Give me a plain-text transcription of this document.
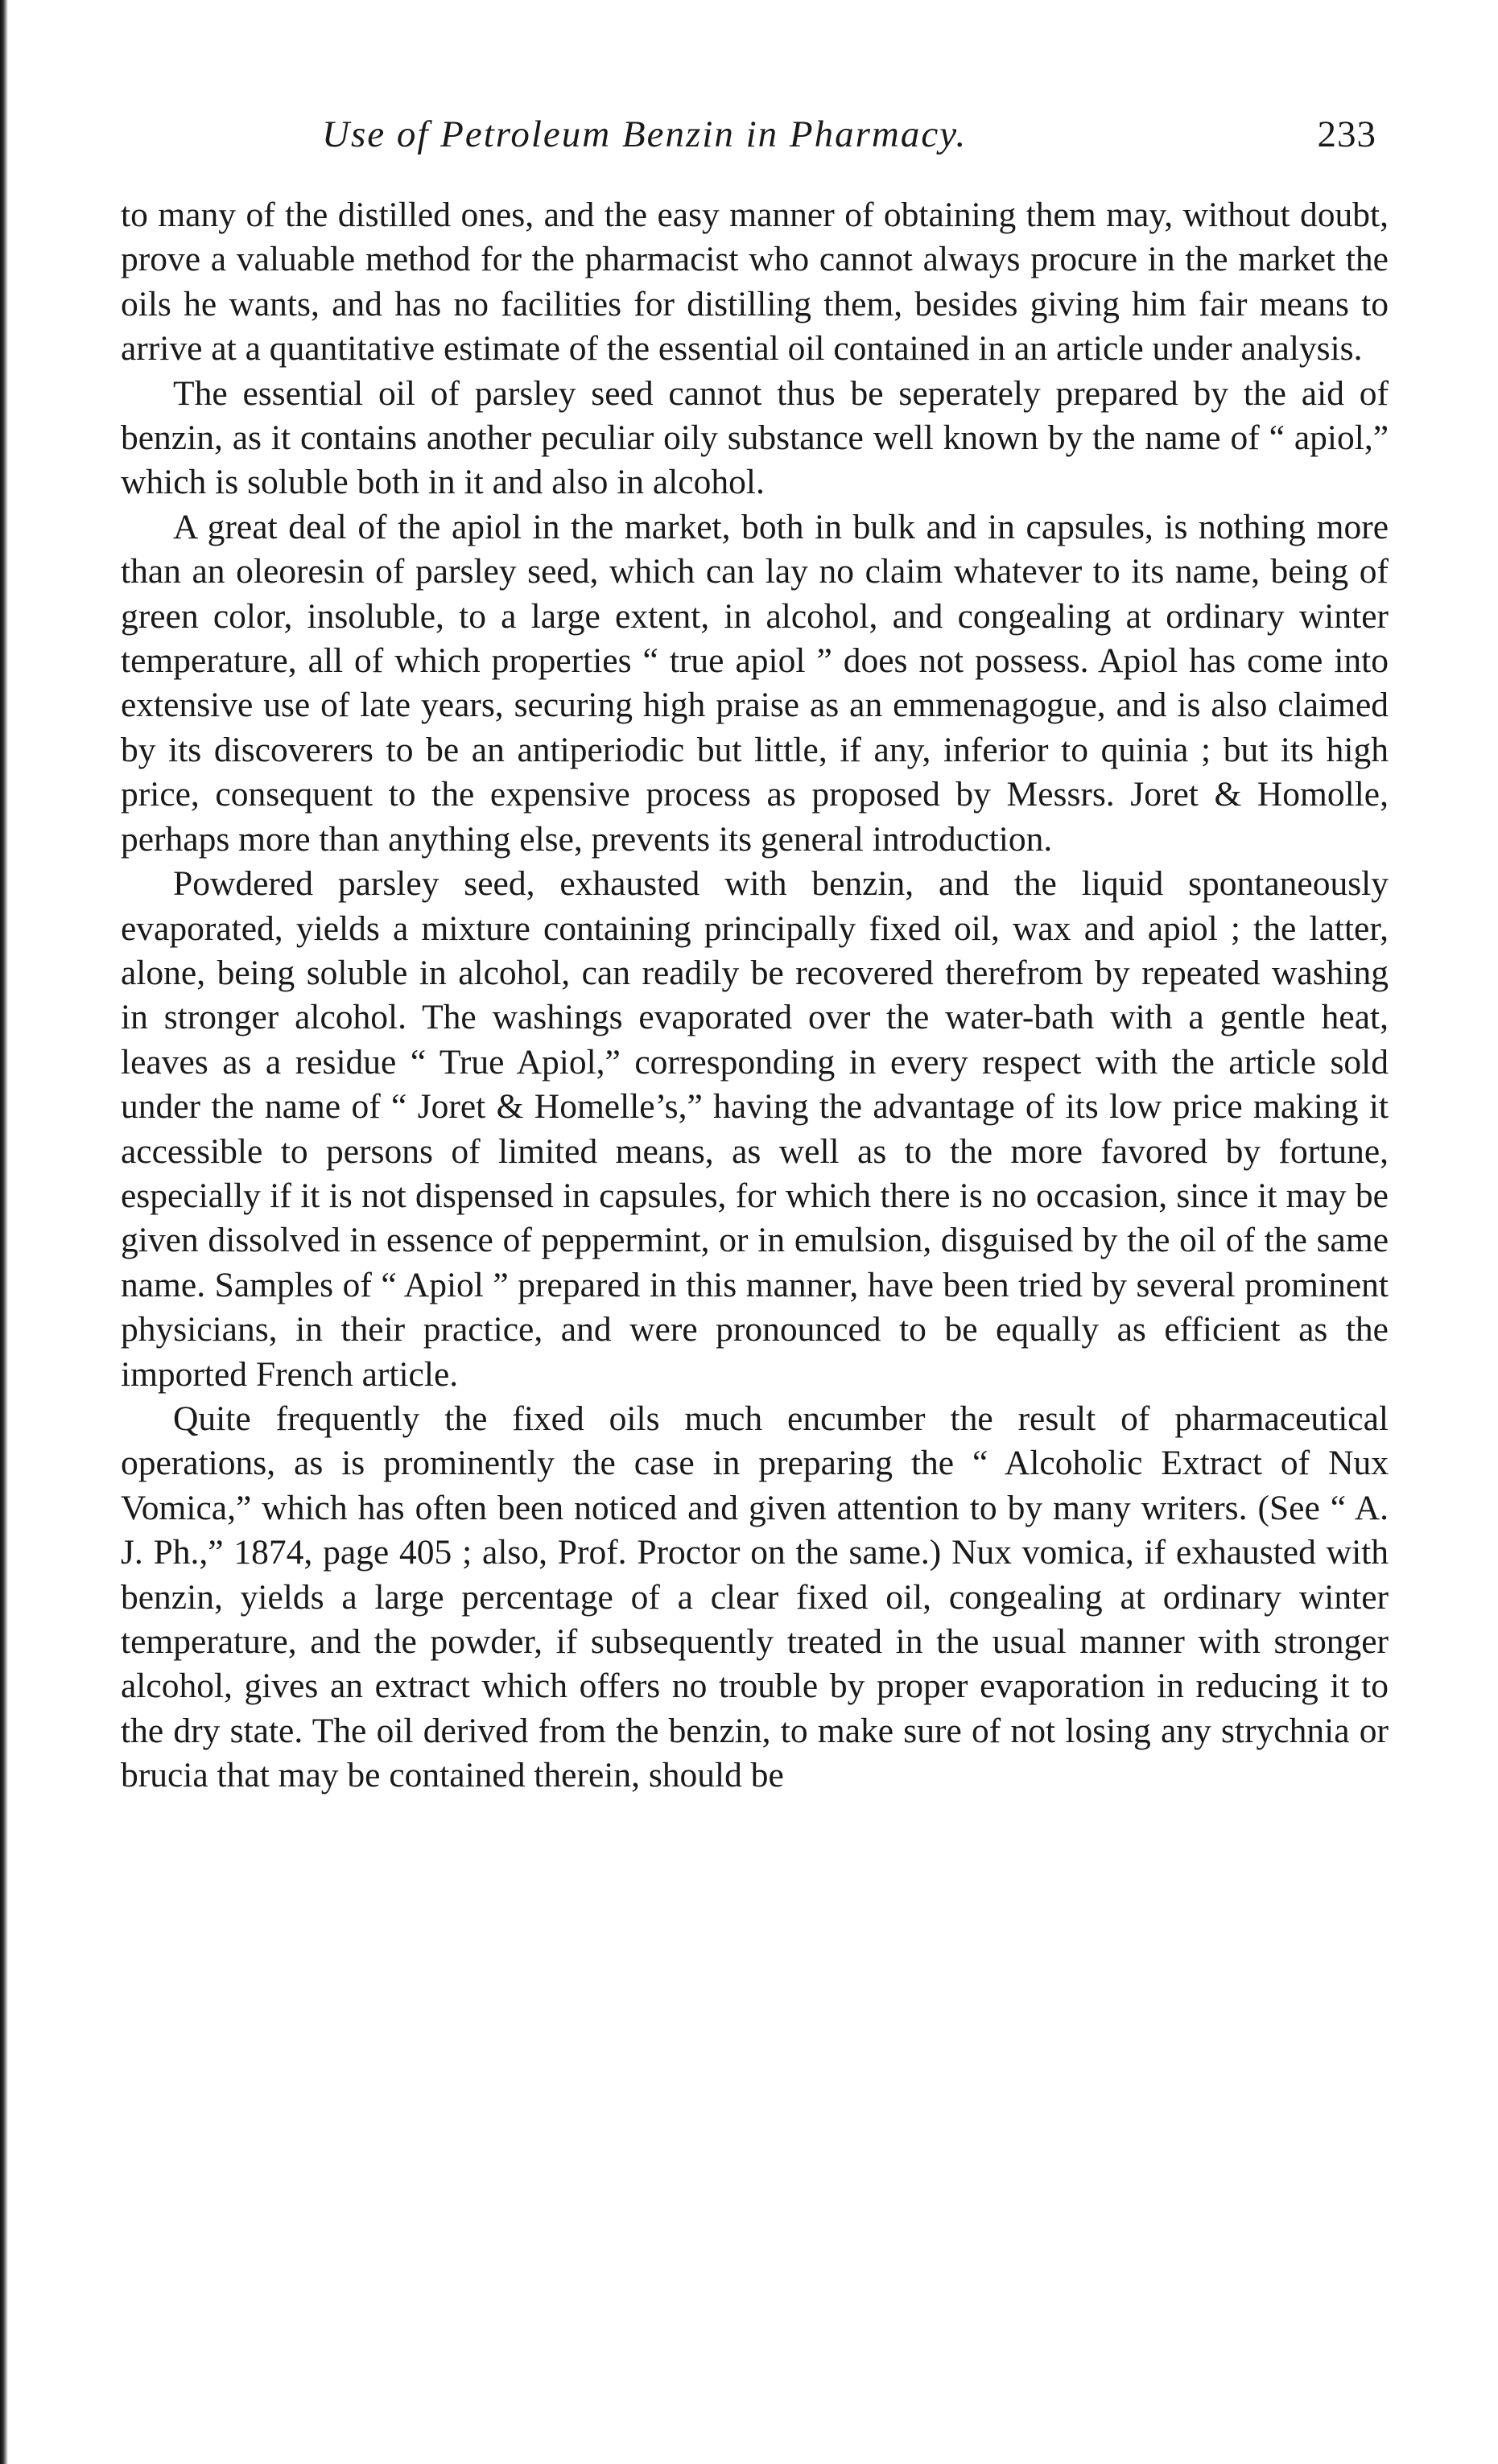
Use of Petroleum Benzin in Pharmacy.	233

to many of the distilled ones, and the easy manner of obtaining them may, without doubt, prove a valuable method for the pharmacist who cannot always procure in the market the oils he wants, and has no facilities for distilling them, besides giving him fair means to arrive at a quantitative estimate of the essential oil contained in an article under analysis.

The essential oil of parsley seed cannot thus be seperately prepared by the aid of benzin, as it contains another peculiar oily substance well known by the name of “ apiol,” which is soluble both in it and also in alcohol.

A great deal of the apiol in the market, both in bulk and in capsules, is nothing more than an oleoresin of parsley seed, which can lay no claim whatever to its name, being of green color, insoluble, to a large extent, in alcohol, and congealing at ordinary winter temperature, all of which properties “ true apiol ” does not possess. Apiol has come into extensive use of late years, securing high praise as an emmenagogue, and is also claimed by its discoverers to be an antiperiodic but little, if any, inferior to quinia ; but its high price, consequent to the expensive process as proposed by Messrs. Joret & Homolle, perhaps more than anything else, prevents its general introduction.

Powdered parsley seed, exhausted with benzin, and the liquid spontaneously evaporated, yields a mixture containing principally fixed oil, wax and apiol ; the latter, alone, being soluble in alcohol, can readily be recovered therefrom by repeated washing in stronger alcohol. The washings evaporated over the water-bath with a gentle heat, leaves as a residue “ True Apiol,” corresponding in every respect with the article sold under the name of “ Joret & Homelle’s,” having the advantage of its low price making it accessible to persons of limited means, as well as to the more favored by fortune, especially if it is not dispensed in capsules, for which there is no occasion, since it may be given dissolved in essence of peppermint, or in emulsion, disguised by the oil of the same name. Samples of “ Apiol ” prepared in this manner, have been tried by several prominent physicians, in their practice, and were pronounced to be equally as efficient as the imported French article.

Quite frequently the fixed oils much encumber the result of pharmaceutical operations, as is prominently the case in preparing the “ Alcoholic Extract of Nux Vomica,” which has often been noticed and given attention to by many writers. (See “ A. J. Ph.,” 1874, page 405 ; also, Prof. Proctor on the same.) Nux vomica, if exhausted with benzin, yields a large percentage of a clear fixed oil, congealing at ordinary winter temperature, and the powder, if subsequently treated in the usual manner with stronger alcohol, gives an extract which offers no trouble by proper evaporation in reducing it to the dry state. The oil derived from the benzin, to make sure of not losing any strychnia or brucia that may be contained therein, should be
